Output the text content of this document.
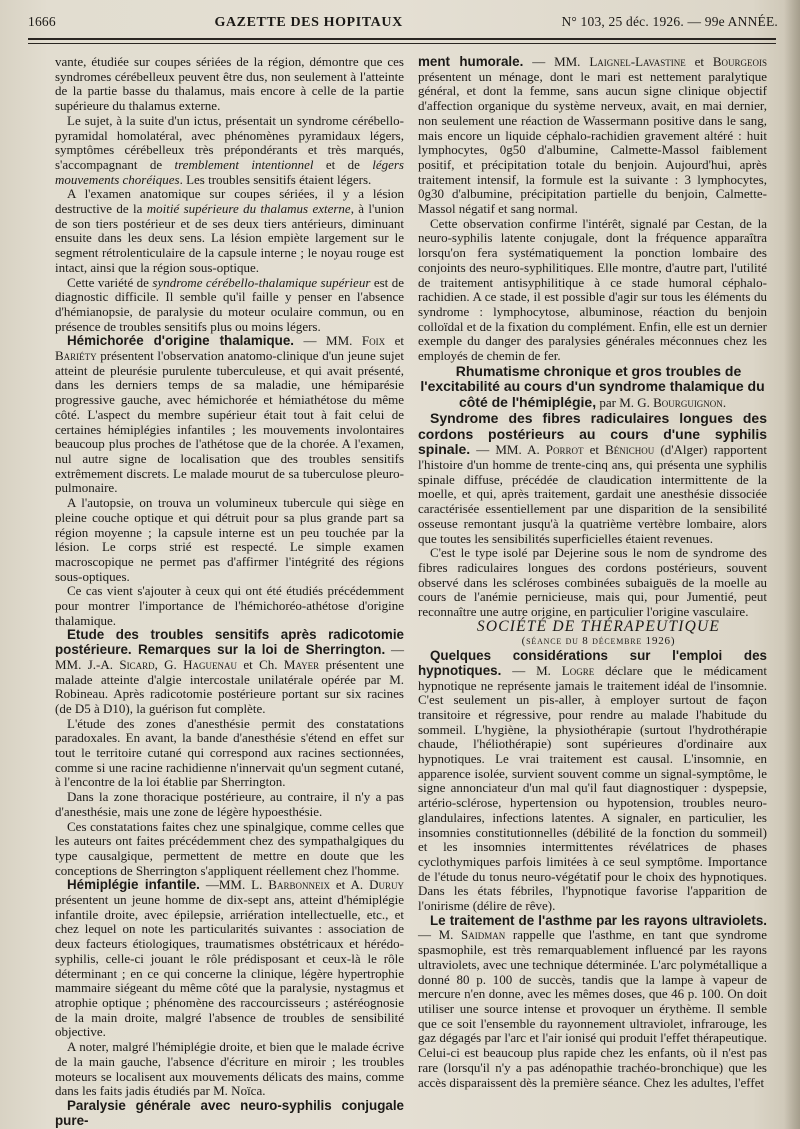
1666	GAZETTE DES HOPITAUX	N° 103, 25 déc. 1926. — 99e ANNÉE.

vante, étudiée sur coupes sériées de la région, démontre que ces syndromes cérébelleux peuvent être dus, non seulement à l'atteinte de la partie basse du thalamus, mais encore à celle de la partie supérieure du thalamus externe.

Le sujet, à la suite d'un ictus, présentait un syndrome cérébello-pyramidal homolatéral, avec phénomènes pyramidaux légers, symptômes cérébelleux très prépondérants et très marqués, s'accompagnant de tremblement intentionnel et de légers mouvements choréiques. Les troubles sensitifs étaient légers.

A l'examen anatomique sur coupes sériées, il y a lésion destructive de la moitié supérieure du thalamus externe, à l'union de son tiers postérieur et de ses deux tiers antérieurs, diminuant ensuite dans les deux sens. La lésion empiète largement sur le segment rétrolenticulaire de la capsule interne ; le noyau rouge est intact, ainsi que la région sous-optique.

Cette variété de syndrome cérébello-thalamique supérieur est de diagnostic difficile. Il semble qu'il faille y penser en l'absence d'hémianopsie, de paralysie du moteur oculaire commun, ou en présence de troubles sensitifs plus ou moins légers.

Hémichorée d'origine thalamique. — MM. Foix et Bariéty présentent l'observation anatomo-clinique d'un jeune sujet atteint de pleurésie purulente tuberculeuse, et qui avait présenté, dans les derniers temps de sa maladie, une hémiparésie progressive gauche, avec hémichorée et hémiathétose du même côté. L'aspect du membre supérieur était tout à fait celui de certaines hémiplégies infantiles ; les mouvements involontaires beaucoup plus proches de l'athétose que de la chorée. A l'examen, nul autre signe de localisation que des troubles sensitifs extrêmement discrets. Le malade mourut de sa tuberculose pleuro-pulmonaire.

A l'autopsie, on trouva un volumineux tubercule qui siège en pleine couche optique et qui détruit pour sa plus grande part sa région moyenne ; la capsule interne est un peu touchée par la lésion. Le corps strié est respecté. Le simple examen macroscopique ne permet pas d'affirmer l'intégrité des régions sous-optiques.

Ce cas vient s'ajouter à ceux qui ont été étudiés précédemment pour montrer l'importance de l'hémichoréo-athétose d'origine thalamique.

Etude des troubles sensitifs après radicotomie postérieure. Remarques sur la loi de Sherrington. — MM. J.-A. Sicard, G. Haguenau et Ch. Mayer présentent une malade atteinte d'algie intercostale unilatérale opérée par M. Robineau. Après radicotomie postérieure portant sur six racines (de D5 à D10), la guérison fut complète.

L'étude des zones d'anesthésie permit des constatations paradoxales. En avant, la bande d'anesthésie s'étend en effet sur tout le territoire cutané qui correspond aux racines sectionnées, comme si une racine rachidienne n'innervait qu'un segment cutané, à l'encontre de la loi établie par Sherrington.

Dans la zone thoracique postérieure, au contraire, il n'y a pas d'anesthésie, mais une zone de légère hypoesthésie.

Ces constatations faites chez une spinalgique, comme celles que les auteurs ont faites précédemment chez des sympathalgiques du type causalgique, permettent de mettre en doute que les conceptions de Sherrington s'appliquent réellement chez l'homme.

Hémiplégie infantile. —MM. L. Barbonneix et A. Duruy présentent un jeune homme de dix-sept ans, atteint d'hémiplégie infantile droite, avec épilepsie, arriération intellectuelle, etc., et chez lequel on note les particularités suivantes : association de deux facteurs étiologiques, traumatismes obstétricaux et hérédo-syphilis, celle-ci jouant le rôle prédisposant et ceux-là le rôle déterminant ; en ce qui concerne la clinique, légère hypertrophie mammaire siégeant du même côté que la paralysie, nystagmus et atrophie optique ; phénomène des raccourcisseurs ; astéréognosie de la main droite, malgré l'absence de troubles de sensibilité objective.

A noter, malgré l'hémiplégie droite, et bien que le malade écrive de la main gauche, l'absence d'écriture en miroir ; les troubles moteurs se localisent aux mouvements délicats des mains, comme dans les faits jadis étudiés par M. Noïca.

Paralysie générale avec neuro-syphilis conjugale pure-

ment humorale. — MM. Laignel-Lavastine et Bourgeois présentent un ménage, dont le mari est nettement paralytique général, et dont la femme, sans aucun signe clinique objectif d'affection organique du système nerveux, avait, en mai dernier, non seulement une réaction de Wassermann positive dans le sang, mais encore un liquide céphalo-rachidien gravement altéré : huit lymphocytes, 0g50 d'albumine, Calmette-Massol faiblement positif, et précipitation totale du benjoin. Aujourd'hui, après traitement intensif, la formule est la suivante : 3 lymphocytes, 0g30 d'albumine, précipitation partielle du benjoin, Calmette-Massol négatif et sang normal.

Cette observation confirme l'intérêt, signalé par Cestan, de la neuro-syphilis latente conjugale, dont la fréquence apparaîtra lorsqu'on fera systématiquement la ponction lombaire des conjoints des neuro-syphilitiques. Elle montre, d'autre part, l'utilité de traitement antisyphilitique à ce stade humoral céphalo-rachidien. A ce stade, il est possible d'agir sur tous les éléments du syndrome : lymphocytose, albuminose, réaction du benjoin colloïdal et de la fixation du complément. Enfin, elle est un dernier exemple du danger des paralysies générales méconnues chez les employés de chemin de fer.

Rhumatisme chronique et gros troubles de l'excitabilité au cours d'un syndrome thalamique du côté de l'hémiplégie, par M. G. Bourguignon.

Syndrome des fibres radiculaires longues des cordons postérieurs au cours d'une syphilis spinale. — MM. A. Porrot et Bénichou (d'Alger) rapportent l'histoire d'un homme de trente-cinq ans, qui présenta une syphilis spinale diffuse, précédée de claudication intermittente de la moelle, et qui, après traitement, gardait une anesthésie dissociée caractérisée essentiellement par une disparition de la sensibilité osseuse remontant jusqu'à la quatrième vertèbre lombaire, alors que toutes les sensibilités superficielles étaient revenues.

C'est le type isolé par Dejerine sous le nom de syndrome des fibres radiculaires longues des cordons postérieurs, souvent observé dans les scléroses combinées subaiguës de la moelle au cours de l'anémie pernicieuse, mais qui, pour Jumentié, peut reconnaître une autre origine, en particulier l'origine vasculaire.

SOCIÉTÉ DE THÉRAPEUTIQUE

(séance du 8 décembre 1926)

Quelques considérations sur l'emploi des hypnotiques. — M. Logre déclare que le médicament hypnotique ne représente jamais le traitement idéal de l'insomnie. C'est seulement un pis-aller, à employer surtout de façon transitoire et régressive, pour rendre au malade l'habitude du sommeil. L'hygiène, la physiothérapie (surtout l'hydrothérapie chaude, l'héliothérapie) sont supérieures d'ordinaire aux hypnotiques. Le vrai traitement est causal. L'insomnie, en apparence isolée, survient souvent comme un signal-symptôme, le signe annonciateur d'un mal qu'il faut diagnostiquer : dyspepsie, artério-sclérose, hypertension ou hypotension, troubles neuro-glandulaires, infections latentes. A signaler, en particulier, les insomnies constitutionnelles (débilité de la fonction du sommeil) et les insomnies intermittentes révélatrices de phases cyclothymiques parfois limitées à ce seul symptôme. Importance de l'étude du tonus neuro-végétatif pour le choix des hypnotiques. Dans les états fébriles, l'hypnotique favorise l'apparition de l'onirisme (délire de rêve).

Le traitement de l'asthme par les rayons ultraviolets. — M. Saidman rappelle que l'asthme, en tant que syndrome spasmophile, est très remarquablement influencé par les rayons ultraviolets, avec une technique déterminée. L'arc polymétallique a donné 80 p. 100 de succès, tandis que la lampe à vapeur de mercure n'en donne, avec les mêmes doses, que 46 p. 100. On doit utiliser une source intense et provoquer un érythème. Il semble que ce soit l'ensemble du rayonnement ultraviolet, infrarouge, les gaz dégagés par l'arc et l'air ionisé qui produit l'effet thérapeutique. Celui-ci est beaucoup plus rapide chez les enfants, où il n'est pas rare (lorsqu'il n'y a pas adénopathie trachéo-bronchique) que les accès disparaissent dès la première séance. Chez les adultes, l'effet
